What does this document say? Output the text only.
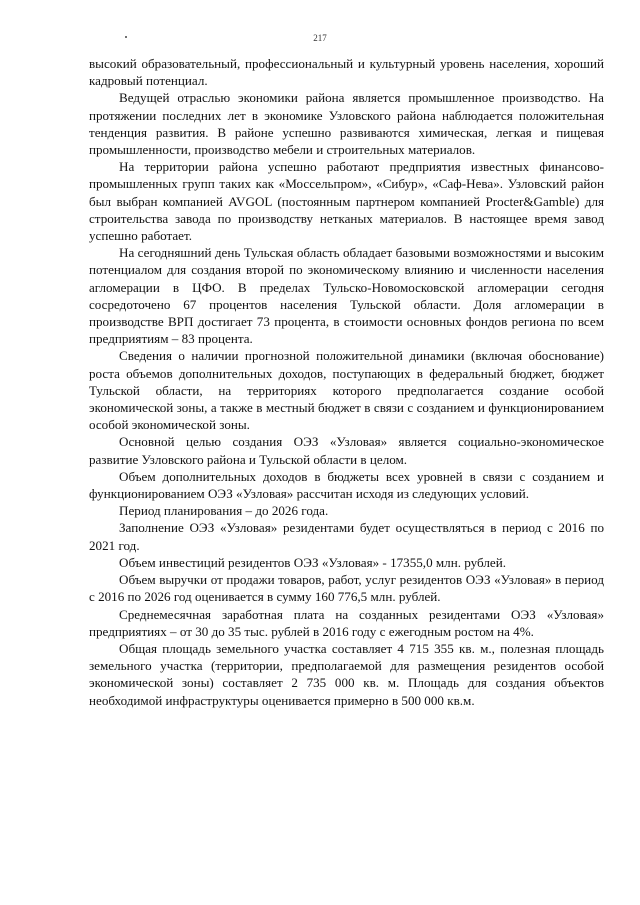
217

высокий образовательный, профессиональный и культурный уровень населения, хороший кадровый потенциал.

Ведущей отраслью экономики района является промышленное производство. На протяжении последних лет в экономике Узловского района наблюдается положительная тенденция развития. В районе успешно развиваются химическая, легкая и пищевая промышленности, производство мебели и строительных материалов.

На территории района успешно работают предприятия известных финансово-промышленных групп таких как «Моссельпром», «Сибур», «Саф-Нева». Узловский район был выбран компанией AVGOL (постоянным партнером компанией Procter&Gamble) для строительства завода по производству нетканых материалов. В настоящее время завод успешно работает.

На сегодняшний день Тульская область обладает базовыми возможностями и высоким потенциалом для создания второй по экономическому влиянию и численности населения агломерации в ЦФО. В пределах Тульско-Новомосковской агломерации сегодня сосредоточено 67 процентов населения Тульской области. Доля агломерации в производстве ВРП достигает 73 процента, в стоимости основных фондов региона по всем предприятиям – 83 процента.

Сведения о наличии прогнозной положительной динамики (включая обоснование) роста объемов дополнительных доходов, поступающих в федеральный бюджет, бюджет Тульской области, на территориях которого предполагается создание особой экономической зоны, а также в местный бюджет в связи с созданием и функционированием особой экономической зоны.

Основной целью создания ОЭЗ «Узловая» является социально-экономическое развитие Узловского района и Тульской области в целом.

Объем дополнительных доходов в бюджеты всех уровней в связи с созданием и функционированием ОЭЗ «Узловая» рассчитан исходя из следующих условий.

Период планирования – до 2026 года.

Заполнение ОЭЗ «Узловая» резидентами будет осуществляться в период с 2016 по 2021 год.

Объем инвестиций резидентов ОЭЗ «Узловая» - 17355,0 млн. рублей.

Объем выручки от продажи товаров, работ, услуг резидентов ОЭЗ «Узловая» в период с 2016 по 2026 год оценивается в сумму 160 776,5 млн. рублей.

Среднемесячная заработная плата на созданных резидентами ОЭЗ «Узловая» предприятиях – от 30 до 35 тыс. рублей в 2016 году с ежегодным ростом на 4%.

Общая площадь земельного участка составляет 4 715 355 кв. м., полезная площадь земельного участка (территории, предполагаемой для размещения резидентов особой экономической зоны) составляет 2 735 000 кв. м. Площадь для создания объектов необходимой инфраструктуры оценивается примерно в 500 000 кв.м.
